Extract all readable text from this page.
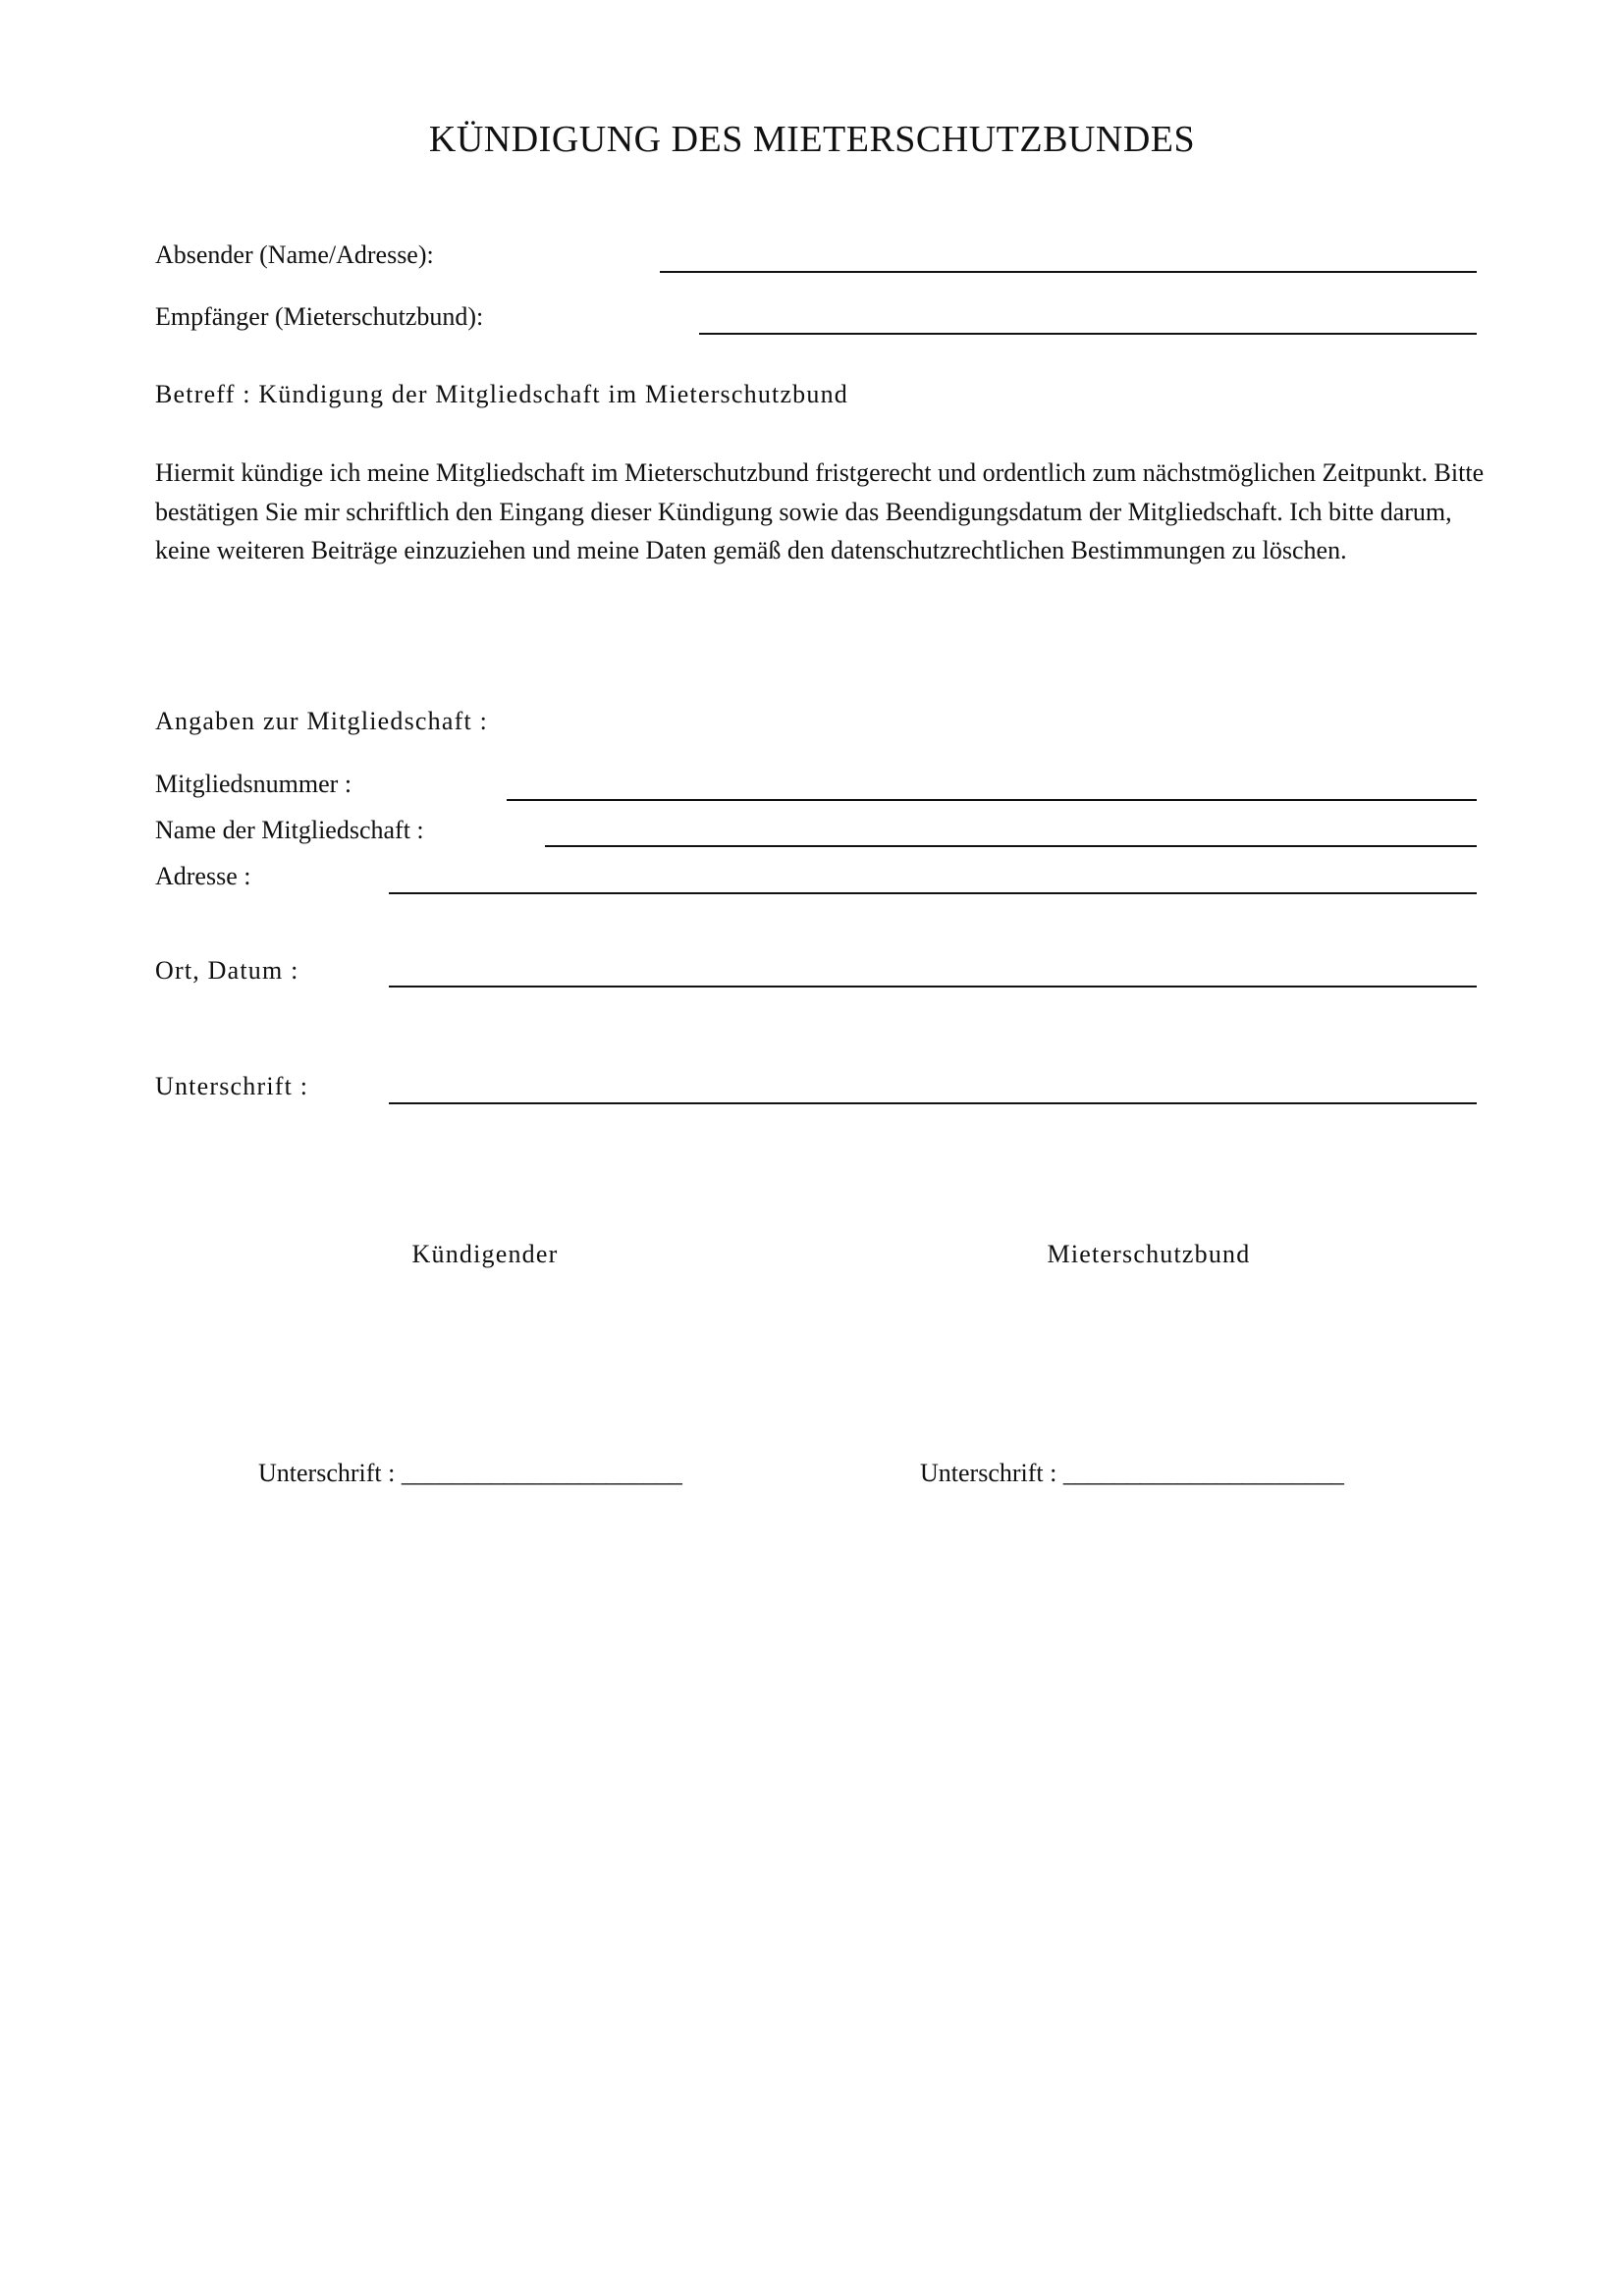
KÜNDIGUNG DES MIETERSCHUTZBUNDES
Absender (Name/Adresse):
Empfänger (Mieterschutzbund):
Betreff : Kündigung der Mitgliedschaft im Mieterschutzbund
Hiermit kündige ich meine Mitgliedschaft im Mieterschutzbund fristgerecht und ordentlich zum nächstmöglichen Zeitpunkt. Bitte bestätigen Sie mir schriftlich den Eingang dieser Kündigung sowie das Beendigungsdatum der Mitgliedschaft. Ich bitte darum, keine weiteren Beiträge einzuziehen und meine Daten gemäß den datenschutzrechtlichen Bestimmungen zu löschen.
Angaben zur Mitgliedschaft :
Mitgliedsnummer :
Name der Mitgliedschaft :
Adresse :
Ort, Datum :
Unterschrift :
Kündigender	Mieterschutzbund
Unterschrift : ______________________	Unterschrift : ______________________
